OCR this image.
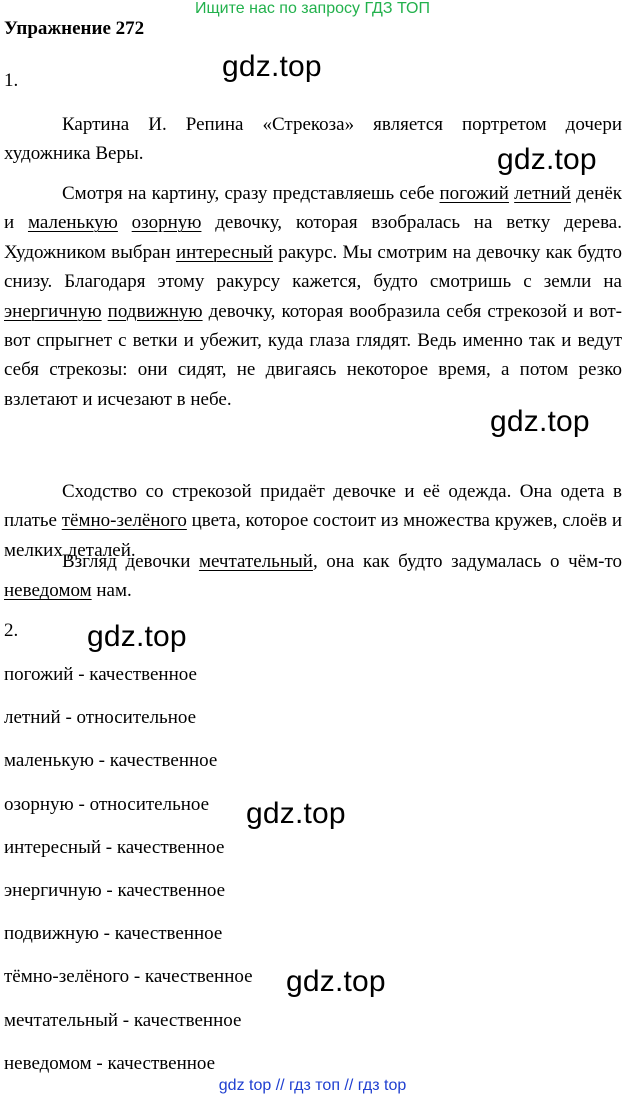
Ищите нас по запросу ГДЗ ТОП
Упражнение 272
1.

Картина И. Репина «Стрекоза» является портретом дочери художника Веры.

Смотря на картину, сразу представляешь себе погожий летний денёк и маленькую озорную девочку, которая взобралась на ветку дерева. Художником выбран интересный ракурс. Мы смотрим на девочку как будто снизу. Благодаря этому ракурсу кажется, будто смотришь с земли на энергичную подвижную девочку, которая вообразила себя стрекозой и вот-вот спрыгнет с ветки и убежит, куда глаза глядят. Ведь именно так и ведут себя стрекозы: они сидят, не двигаясь некоторое время, а потом резко взлетают и исчезают в небе.

Сходство со стрекозой придаёт девочке и её одежда. Она одета в платье тёмно-зелёного цвета, которое состоит из множества кружев, слоёв и мелких деталей.

Взгляд девочки мечтательный, она как будто задумалась о чём-то неведомом нам.

2.
погожий - качественное
летний - относительное
маленькую - качественное
озорную - относительное
интересный - качественное
энергичную - качественное
подвижную - качественное
тёмно-зелёного - качественное
мечтательный - качественное
неведомом - качественное
gdz.top
gdz.top
gdz.top
gdz.top
gdz.top
gdz.top
gdz top // гдз топ // гдз top
